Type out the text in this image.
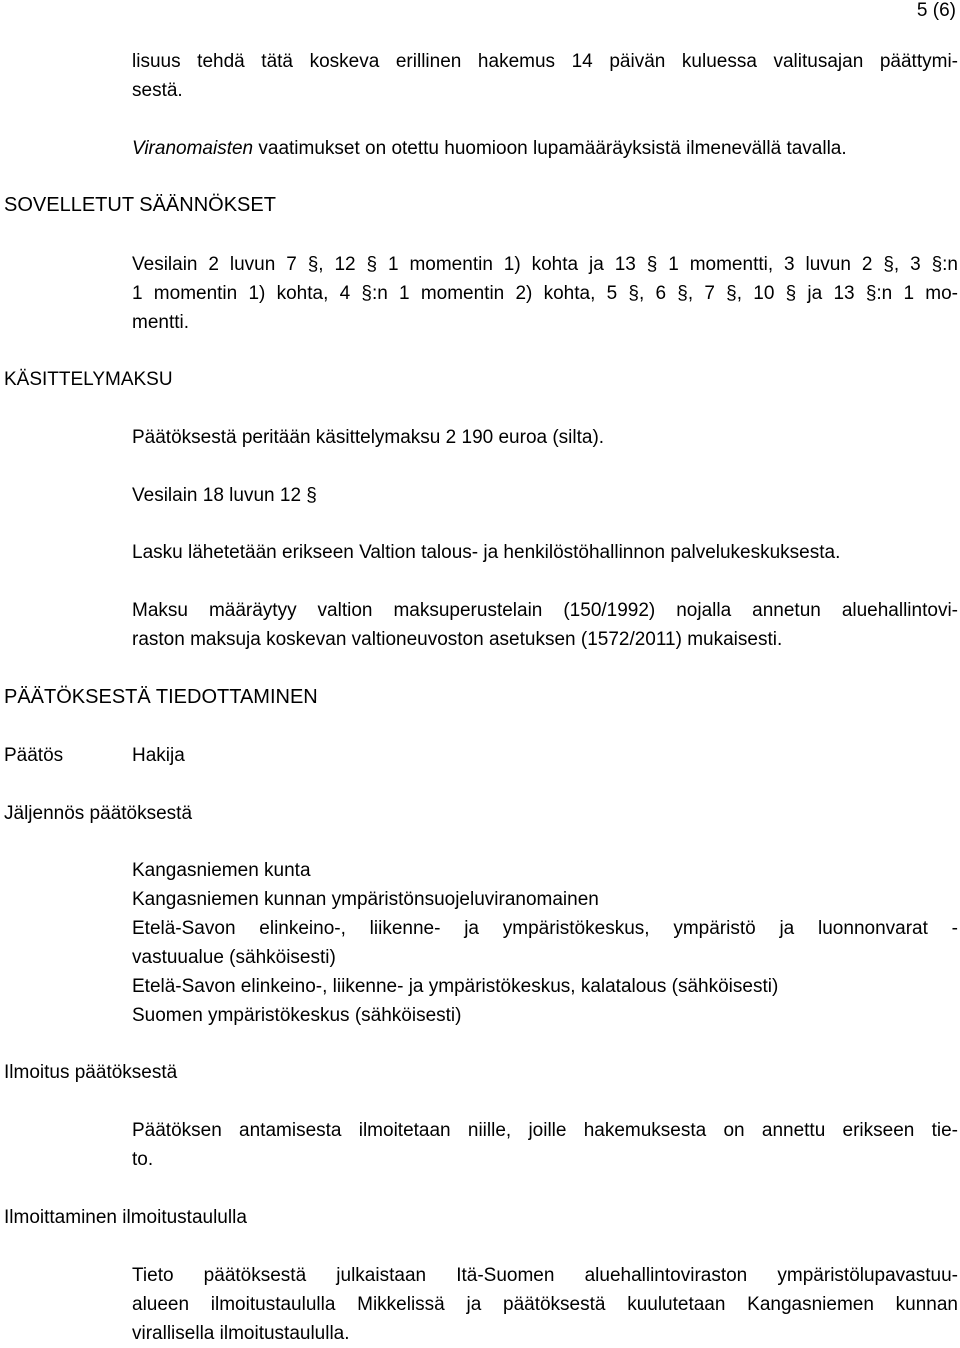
5 (6)
lisuus tehdä tätä koskeva erillinen hakemus 14 päivän kuluessa valitusajan päättymi-
sestä.
Viranomaisten vaatimukset on otettu huomioon lupamääräyksistä ilmenevällä tavalla.
SOVELLETUT SÄÄNNÖKSET
Vesilain 2 luvun 7 §, 12 § 1 momentin 1) kohta ja 13 § 1 momentti, 3 luvun 2 §, 3 §:n
1 momentin 1) kohta, 4 §:n 1 momentin 2) kohta, 5 §, 6 §, 7 §, 10 § ja 13 §:n 1 mo-
mentti.
KÄSITTELYMAKSU
Päätöksestä peritään käsittelymaksu 2 190 euroa (silta).
Vesilain 18 luvun 12 §
Lasku lähetetään erikseen Valtion talous- ja henkilöstöhallinnon palvelukeskuksesta.
Maksu määräytyy valtion maksuperustelain (150/1992) nojalla annetun aluehallintovi-
raston maksuja koskevan valtioneuvoston asetuksen (1572/2011) mukaisesti.
PÄÄTÖKSESTÄ TIEDOTTAMINEN
Päätös	Hakija
Jäljennös päätöksestä
Kangasniemen kunta
Kangasniemen kunnan ympäristönsuojeluviranomainen
Etelä-Savon elinkeino-, liikenne- ja ympäristökeskus, ympäristö ja luonnonvarat -
vastuualue (sähköisesti)
Etelä-Savon elinkeino-, liikenne- ja ympäristökeskus, kalatalous (sähköisesti)
Suomen ympäristökeskus (sähköisesti)
Ilmoitus päätöksestä
Päätöksen antamisesta ilmoitetaan niille, joille hakemuksesta on annettu erikseen tie-
to.
Ilmoittaminen ilmoitustaululla
Tieto päätöksestä julkaistaan Itä-Suomen aluehallintoviraston ympäristölupavastuu-
alueen ilmoitustaululla Mikkelissä ja päätöksestä kuulutetaan Kangasniemen kunnan
virallisella ilmoitustaululla.
